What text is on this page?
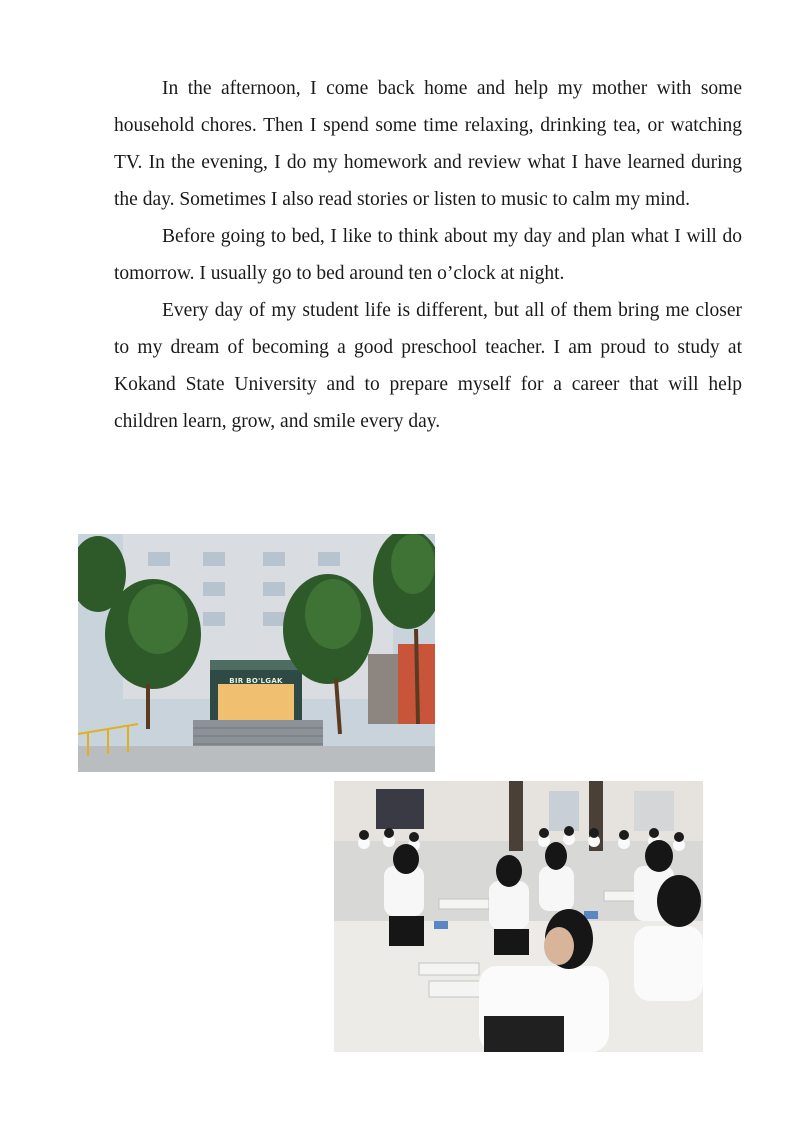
In the afternoon, I come back home and help my mother with some household chores. Then I spend some time relaxing, drinking tea, or watching TV. In the evening, I do my homework and review what I have learned during the day. Sometimes I also read stories or listen to music to calm my mind.

Before going to bed, I like to think about my day and plan what I will do tomorrow. I usually go to bed around ten o’clock at night.

Every day of my student life is different, but all of them bring me closer to my dream of becoming a good preschool teacher. I am proud to study at Kokand State University and to prepare myself for a career that will help children learn, grow, and smile every day.

BIR BO'LGAK
